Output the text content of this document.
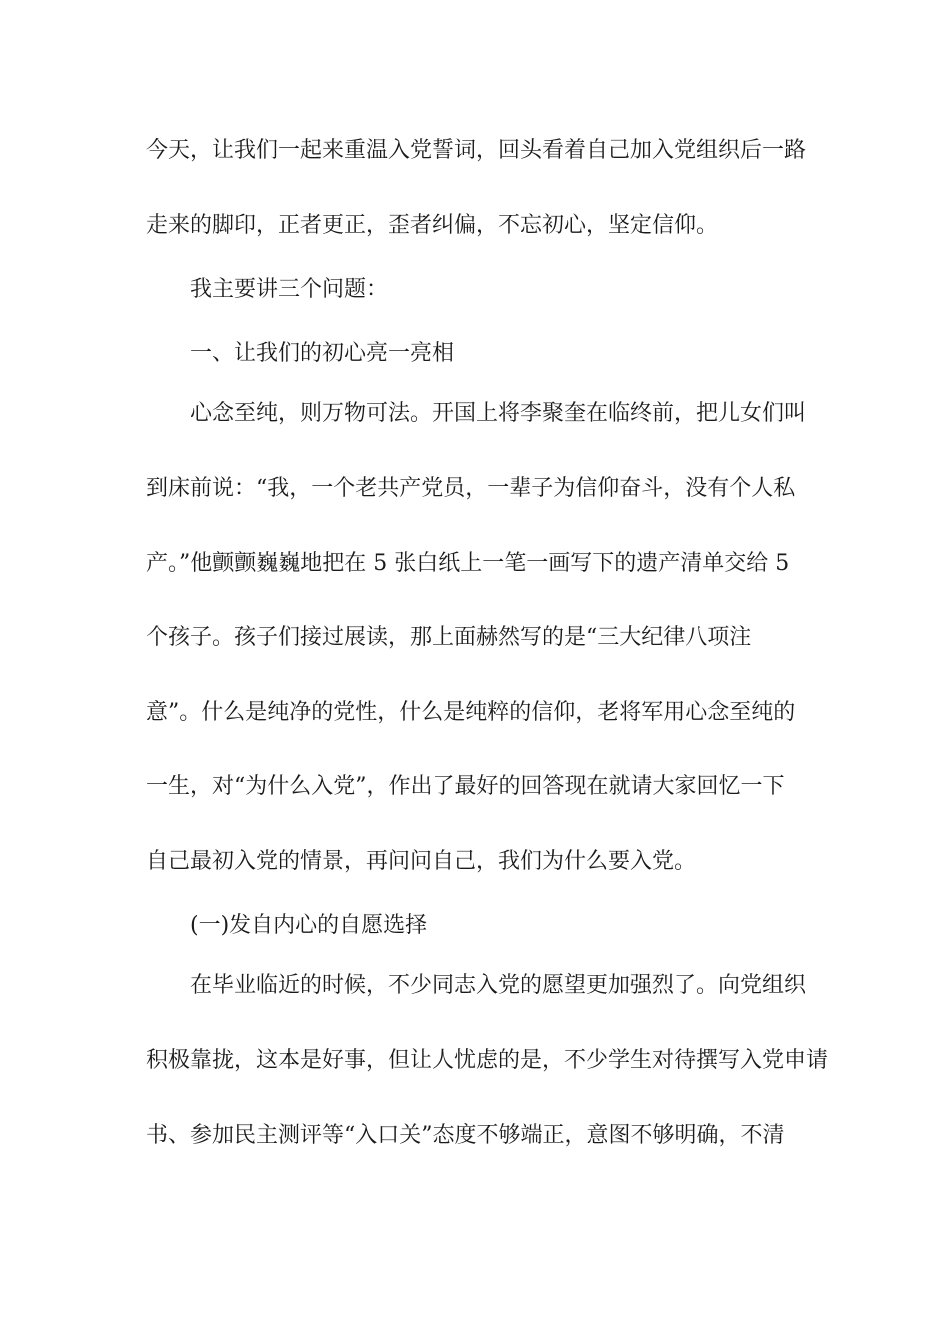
今天，让我们一起来重温入党誓词，回头看着自己加入党组织后一路
走来的脚印，正者更正，歪者纠偏，不忘初心，坚定信仰。
我主要讲三个问题：
一、让我们的初心亮一亮相
心念至纯，则万物可法。开国上将李聚奎在临终前，把儿女们叫
到床前说：“我，一个老共产党员，一辈子为信仰奋斗，没有个人私
产。”他颤颤巍巍地把在 5 张白纸上一笔一画写下的遗产清单交给 5
个孩子。孩子们接过展读，那上面赫然写的是“三大纪律八项注
意”。什么是纯净的党性，什么是纯粹的信仰，老将军用心念至纯的
一生，对“为什么入党”，作出了最好的回答现在就请大家回忆一下
自己最初入党的情景，再问问自己，我们为什么要入党。
(一)发自内心的自愿选择
在毕业临近的时候，不少同志入党的愿望更加强烈了。向党组织
积极靠拢，这本是好事，但让人忧虑的是，不少学生对待撰写入党申请
书、参加民主测评等“入口关”态度不够端正，意图不够明确，不清
